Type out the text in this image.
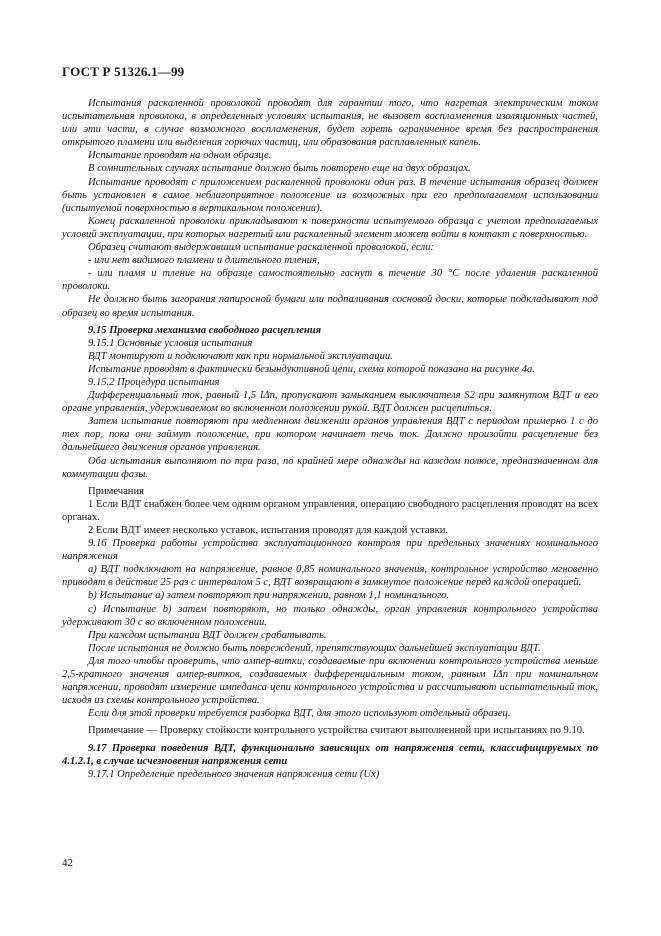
ГОСТ Р 51326.1—99

Испытания раскаленной проволокой проводят для гарантии того, что нагретая электрическим током испытательная проволока, в определенных условиях испытания, не вызовет воспламенения изоляционных частей, или эти части, в случае возможного воспламенения, будет гореть ограниченное время без распространения открытого пламени или выделения горючих частиц, или образования расплавленных капель.

Испытание проводят на одном образце.

В сомнительных случаях испытание должно быть повторено еще на двух образцах.

Испытание проводят с приложением раскаленной проволоки один раз. В течение испытания образец должен быть установлен в самое неблагоприятное положение из возможных при его предполагаемом использовании (испытуемой поверхностью в вертикальном положении).

Конец раскаленной проволоки прикладывают к поверхности испытуемого образца с учетом предполагаемых условий эксплуатации, при которых нагретый или раскаленный элемент может войти в контакт с поверхностью.

Образец считают выдержавшим испытание раскаленной проволокой, если:

- или нет видимого пламени и длительного тления,

- или пламя и тление на образце самостоятельно гаснут в течение 30 °С после удаления раскаленной проволоки.

Не должно быть загорания папиросной бумаги или подпаливания сосновой доски, которые подкладывают под образец во время испытания.

9.15 Проверка механизма свободного расцепления

9.15.1 Основные условия испытания

ВДТ монтируют и подключают как при нормальной эксплуатации.

Испытание проводят в фактически безындуктивной цепи, схема которой показана на рисунке 4а.

9.15.2 Процедура испытания

Дифференциальный ток, равный 1,5 IΔn, пропускают замыканием выключателя S2 при замкнутом ВДТ и его органе управления, удерживаемом во включенном положении рукой. ВДТ должен расцепиться.

Затем испытание повторяют при медленном движении органов управления ВДТ с периодом примерно 1 с до тех пор, пока они займут положение, при котором начинает течь ток. Должно произойти расцепление без дальнейшего движения органов управления.

Оба испытания выполняют по три раза, по крайней мере однажды на каждом полюсе, предназначенном для коммутации фазы.

Примечания

1 Если ВДТ снабжен более чем одним органом управления, операцию свободного расцепления проводят на всех органах.

2 Если ВДТ имеет несколько уставок, испытания проводят для каждой уставки.

9.16 Проверка работы устройства эксплуатационного контроля при предельных значениях номинального напряжения

а) ВДТ подключают на напряжение, равное 0,85 номинального значения, контрольное устройство мгновенно приводят в действие 25 раз с интервалом 5 с, ВДТ возвращают в замкнутое положение перед каждой операцией.

b) Испытание а) затем повторяют при напряжении, равном 1,1 номинального.

с) Испытание b) затем повторяют, но только однажды, орган управления контрольного устройства удерживают 30 с во включенном положении.

При каждом испытании ВДТ должен срабатывать.

После испытания не должно быть повреждений, препятствующих дальнейшей эксплуатации ВДТ.

Для того чтобы проверить, что ампер-витки, создаваемые при включении контрольного устройства меньше 2,5-кратного значения ампер-витков, создаваемых дифференциальным током, равным IΔn при номинальном напряжении, проводят измерение импеданса цепи контрольного устройства и рассчитывают испытательный ток, исходя из схемы контрольного устройства.

Если для этой проверки требуется разборка ВДТ, для этого используют отдельный образец.

Примечание — Проверку стойкости контрольного устройства считают выполненной при испытаниях по 9.10.

9.17 Проверка поведения ВДТ, функционально зависящих от напряжения сети, классифицируемых по 4.1.2.1, в случае исчезновения напряжения сети

9.17.1 Определение предельного значения напряжения сети (Ux)

42
